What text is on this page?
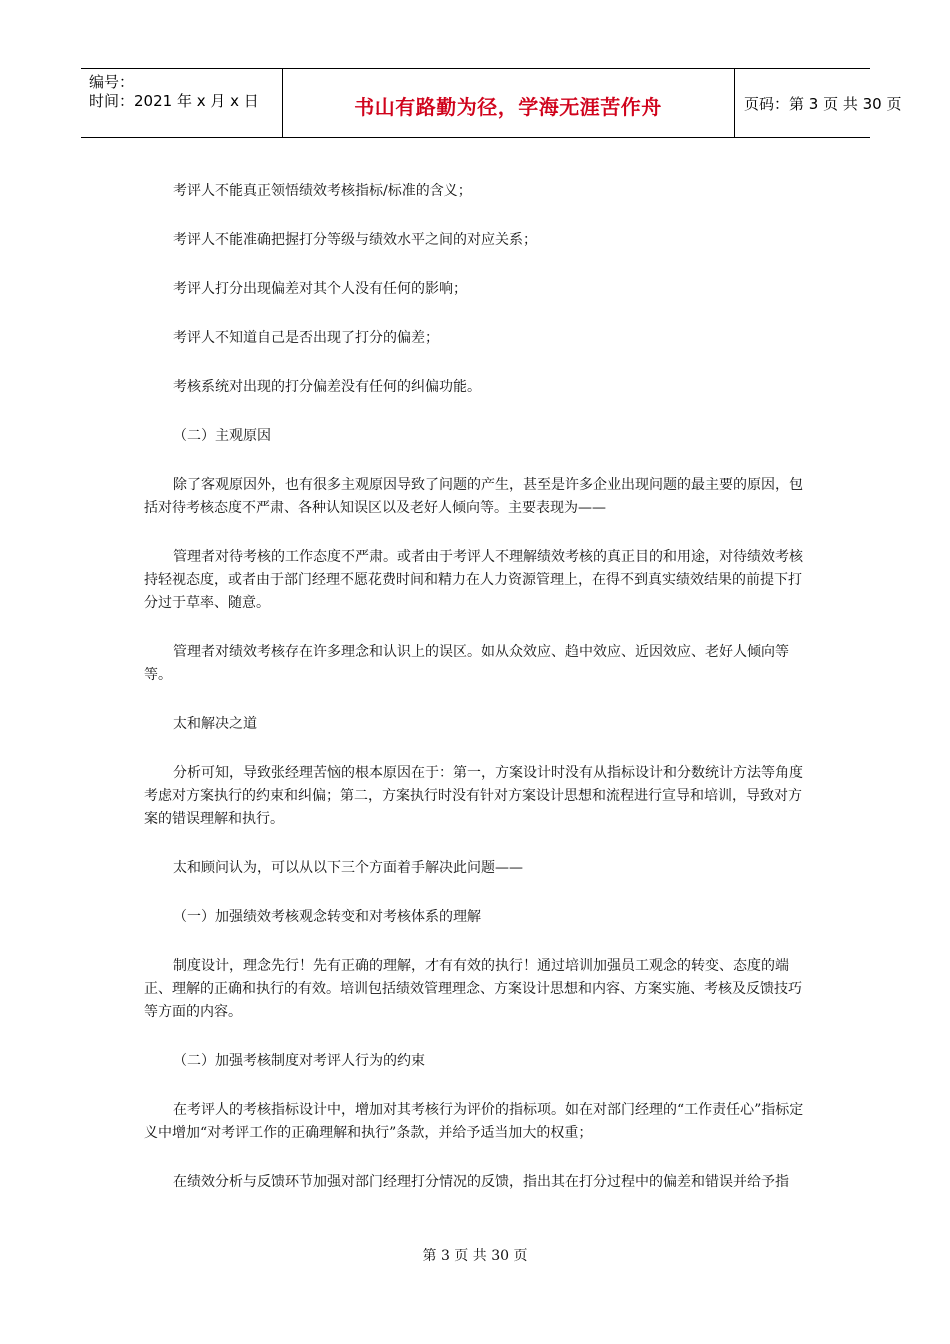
编号：
时间：2021 年 x 月 x 日	书山有路勤为径，学海无涯苦作舟	页码：第 3 页 共 30 页

考评人不能真正领悟绩效考核指标/标准的含义；

考评人不能准确把握打分等级与绩效水平之间的对应关系；

考评人打分出现偏差对其个人没有任何的影响；

考评人不知道自己是否出现了打分的偏差；

考核系统对出现的打分偏差没有任何的纠偏功能。

（二）主观原因

除了客观原因外，也有很多主观原因导致了问题的产生，甚至是许多企业出现问题的最主要的原因，包括对待考核态度不严肃、各种认知误区以及老好人倾向等。主要表现为——

管理者对待考核的工作态度不严肃。或者由于考评人不理解绩效考核的真正目的和用途，对待绩效考核持轻视态度，或者由于部门经理不愿花费时间和精力在人力资源管理上，在得不到真实绩效结果的前提下打分过于草率、随意。

管理者对绩效考核存在许多理念和认识上的误区。如从众效应、趋中效应、近因效应、老好人倾向等等。

太和解决之道

分析可知，导致张经理苦恼的根本原因在于：第一，方案设计时没有从指标设计和分数统计方法等角度考虑对方案执行的约束和纠偏；第二，方案执行时没有针对方案设计思想和流程进行宣导和培训，导致对方案的错误理解和执行。

太和顾问认为，可以从以下三个方面着手解决此问题——

（一）加强绩效考核观念转变和对考核体系的理解

制度设计，理念先行！先有正确的理解，才有有效的执行！通过培训加强员工观念的转变、态度的端正、理解的正确和执行的有效。培训包括绩效管理理念、方案设计思想和内容、方案实施、考核及反馈技巧等方面的内容。

（二）加强考核制度对考评人行为的约束

在考评人的考核指标设计中，增加对其考核行为评价的指标项。如在对部门经理的“工作责任心”指标定义中增加“对考评工作的正确理解和执行”条款，并给予适当加大的权重；

在绩效分析与反馈环节加强对部门经理打分情况的反馈，指出其在打分过程中的偏差和错误并给予指

第 3 页 共 30 页
